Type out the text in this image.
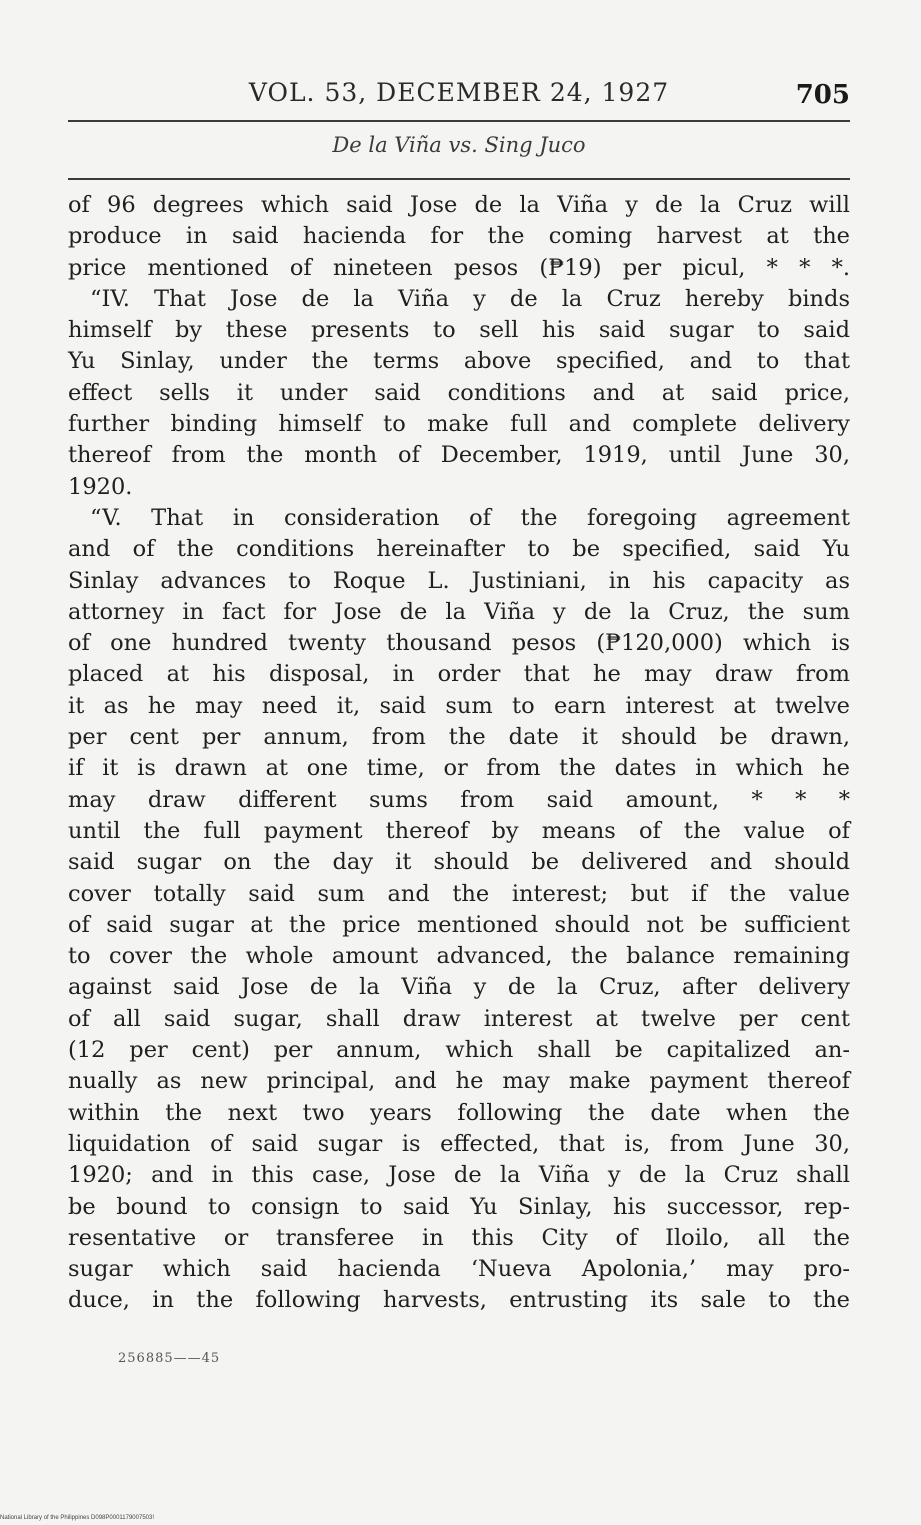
VOL. 53, DECEMBER 24, 1927	705
De la Viña vs. Sing Juco
of 96 degrees which said Jose de la Viña y de la Cruz will
produce in said hacienda for the coming harvest at the
price mentioned of nineteen pesos (₱19) per picul, * * *.
“IV. That Jose de la Viña y de la Cruz hereby binds
himself by these presents to sell his said sugar to said
Yu Sinlay, under the terms above specified, and to that
effect sells it under said conditions and at said price,
further binding himself to make full and complete delivery
thereof from the month of December, 1919, until June 30,
1920.
“V. That in consideration of the foregoing agreement
and of the conditions hereinafter to be specified, said Yu
Sinlay advances to Roque L. Justiniani, in his capacity as
attorney in fact for Jose de la Viña y de la Cruz, the sum
of one hundred twenty thousand pesos (₱120,000) which is
placed at his disposal, in order that he may draw from
it as he may need it, said sum to earn interest at twelve
per cent per annum, from the date it should be drawn,
if it is drawn at one time, or from the dates in which he
may draw different sums from said amount, * * *
until the full payment thereof by means of the value of
said sugar on the day it should be delivered and should
cover totally said sum and the interest; but if the value
of said sugar at the price mentioned should not be sufficient
to cover the whole amount advanced, the balance remaining
against said Jose de la Viña y de la Cruz, after delivery
of all said sugar, shall draw interest at twelve per cent
(12 per cent) per annum, which shall be capitalized an-
nually as new principal, and he may make payment thereof
within the next two years following the date when the
liquidation of said sugar is effected, that is, from June 30,
1920; and in this case, Jose de la Viña y de la Cruz shall
be bound to consign to said Yu Sinlay, his successor, rep-
resentative or transferee in this City of Iloilo, all the
sugar which said hacienda ‘Nueva Apolonia,’ may pro-
duce, in the following harvests, entrusting its sale to the
256885——45
National Library of the Philippines D098P0001179007503!
